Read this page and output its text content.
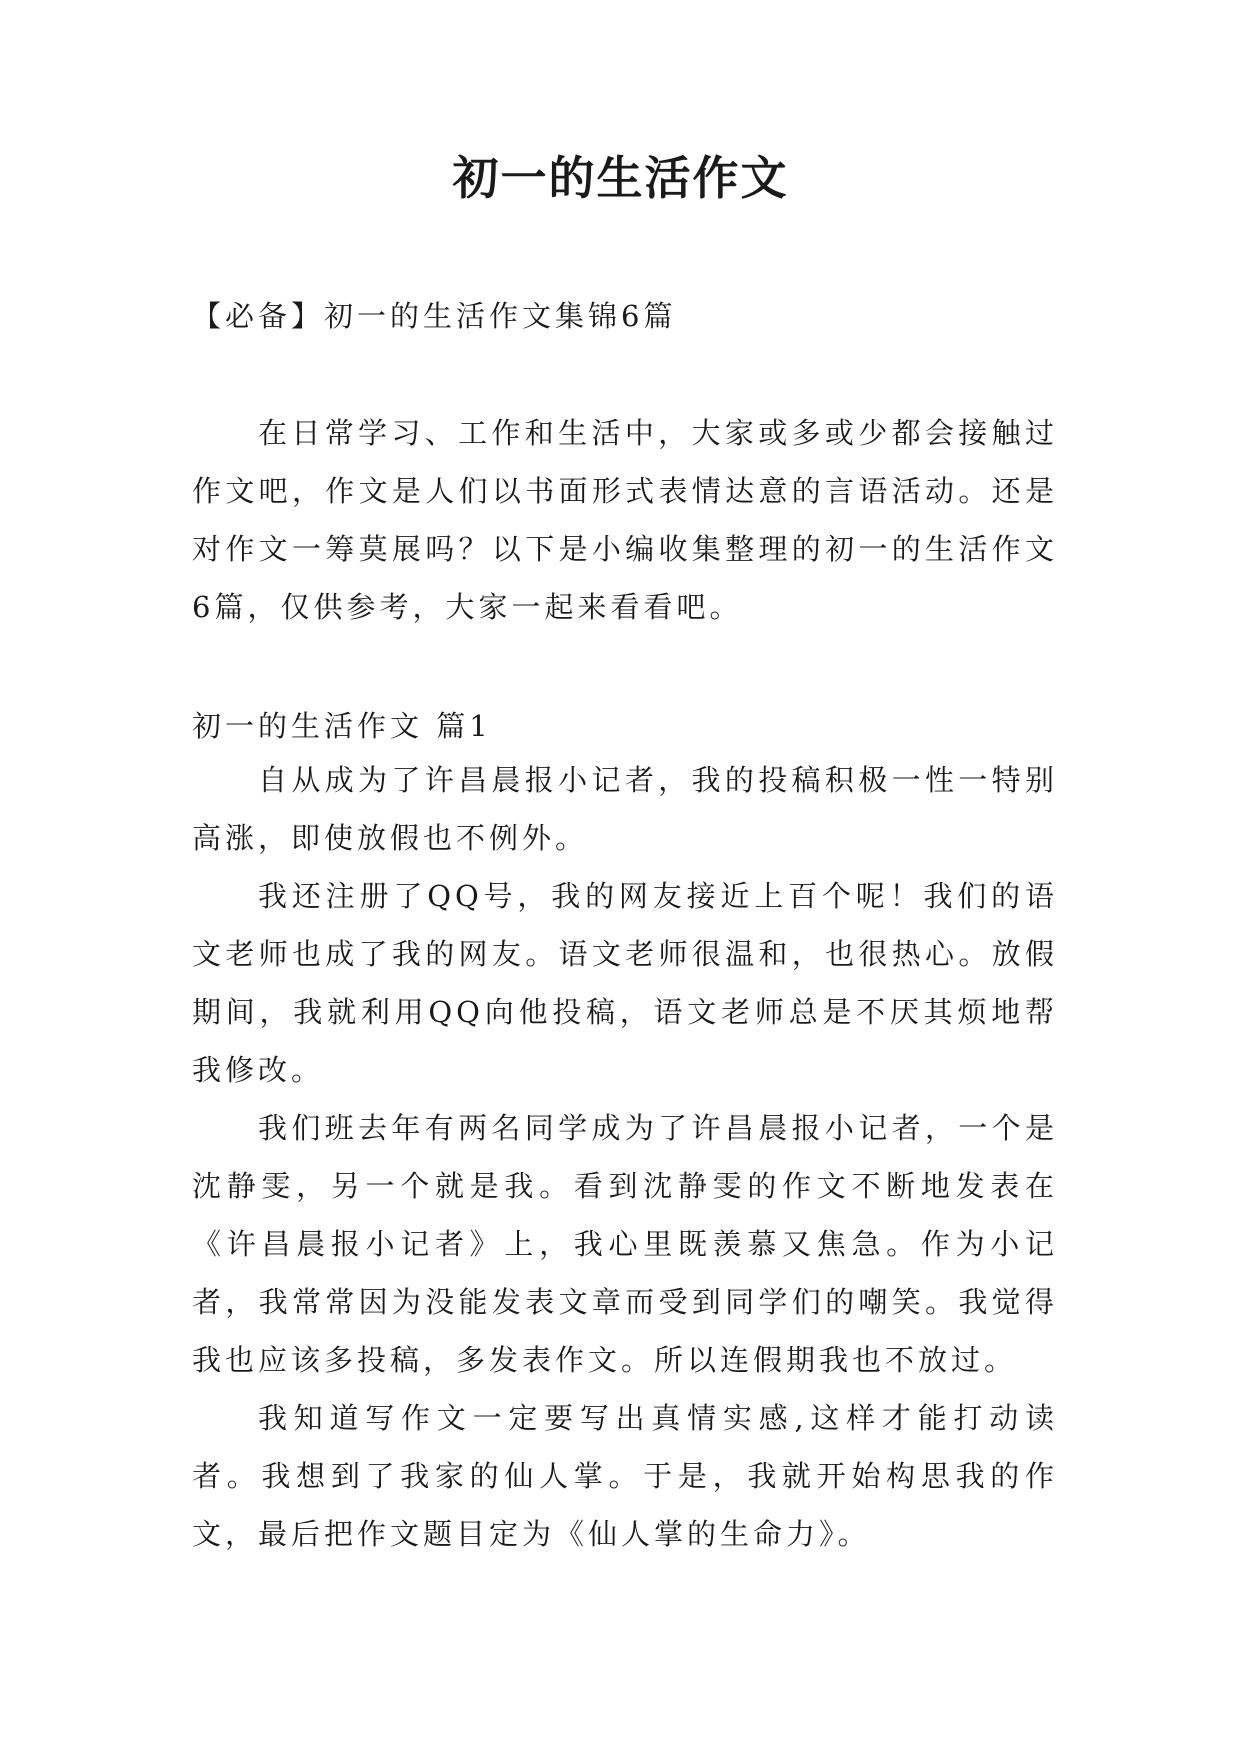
初一的生活作文
【必备】初一的生活作文集锦6篇

在日常学习、工作和生活中，大家或多或少都会接触过作文吧，作文是人们以书面形式表情达意的言语活动。还是对作文一筹莫展吗？以下是小编收集整理的初一的生活作文6篇，仅供参考，大家一起来看看吧。

初一的生活作文 篇1

自从成为了许昌晨报小记者，我的投稿积极一性一特别高涨，即使放假也不例外。

我还注册了QQ号，我的网友接近上百个呢！我们的语文老师也成了我的网友。语文老师很温和，也很热心。放假期间，我就利用QQ向他投稿，语文老师总是不厌其烦地帮我修改。

我们班去年有两名同学成为了许昌晨报小记者，一个是沈静雯，另一个就是我。看到沈静雯的作文不断地发表在《许昌晨报小记者》上，我心里既羡慕又焦急。作为小记者，我常常因为没能发表文章而受到同学们的嘲笑。我觉得我也应该多投稿，多发表作文。所以连假期我也不放过。

我知道写作文一定要写出真情实感,这样才能打动读者。我想到了我家的仙人掌。于是，我就开始构思我的作文，最后把作文题目定为《仙人掌的生命力》。
